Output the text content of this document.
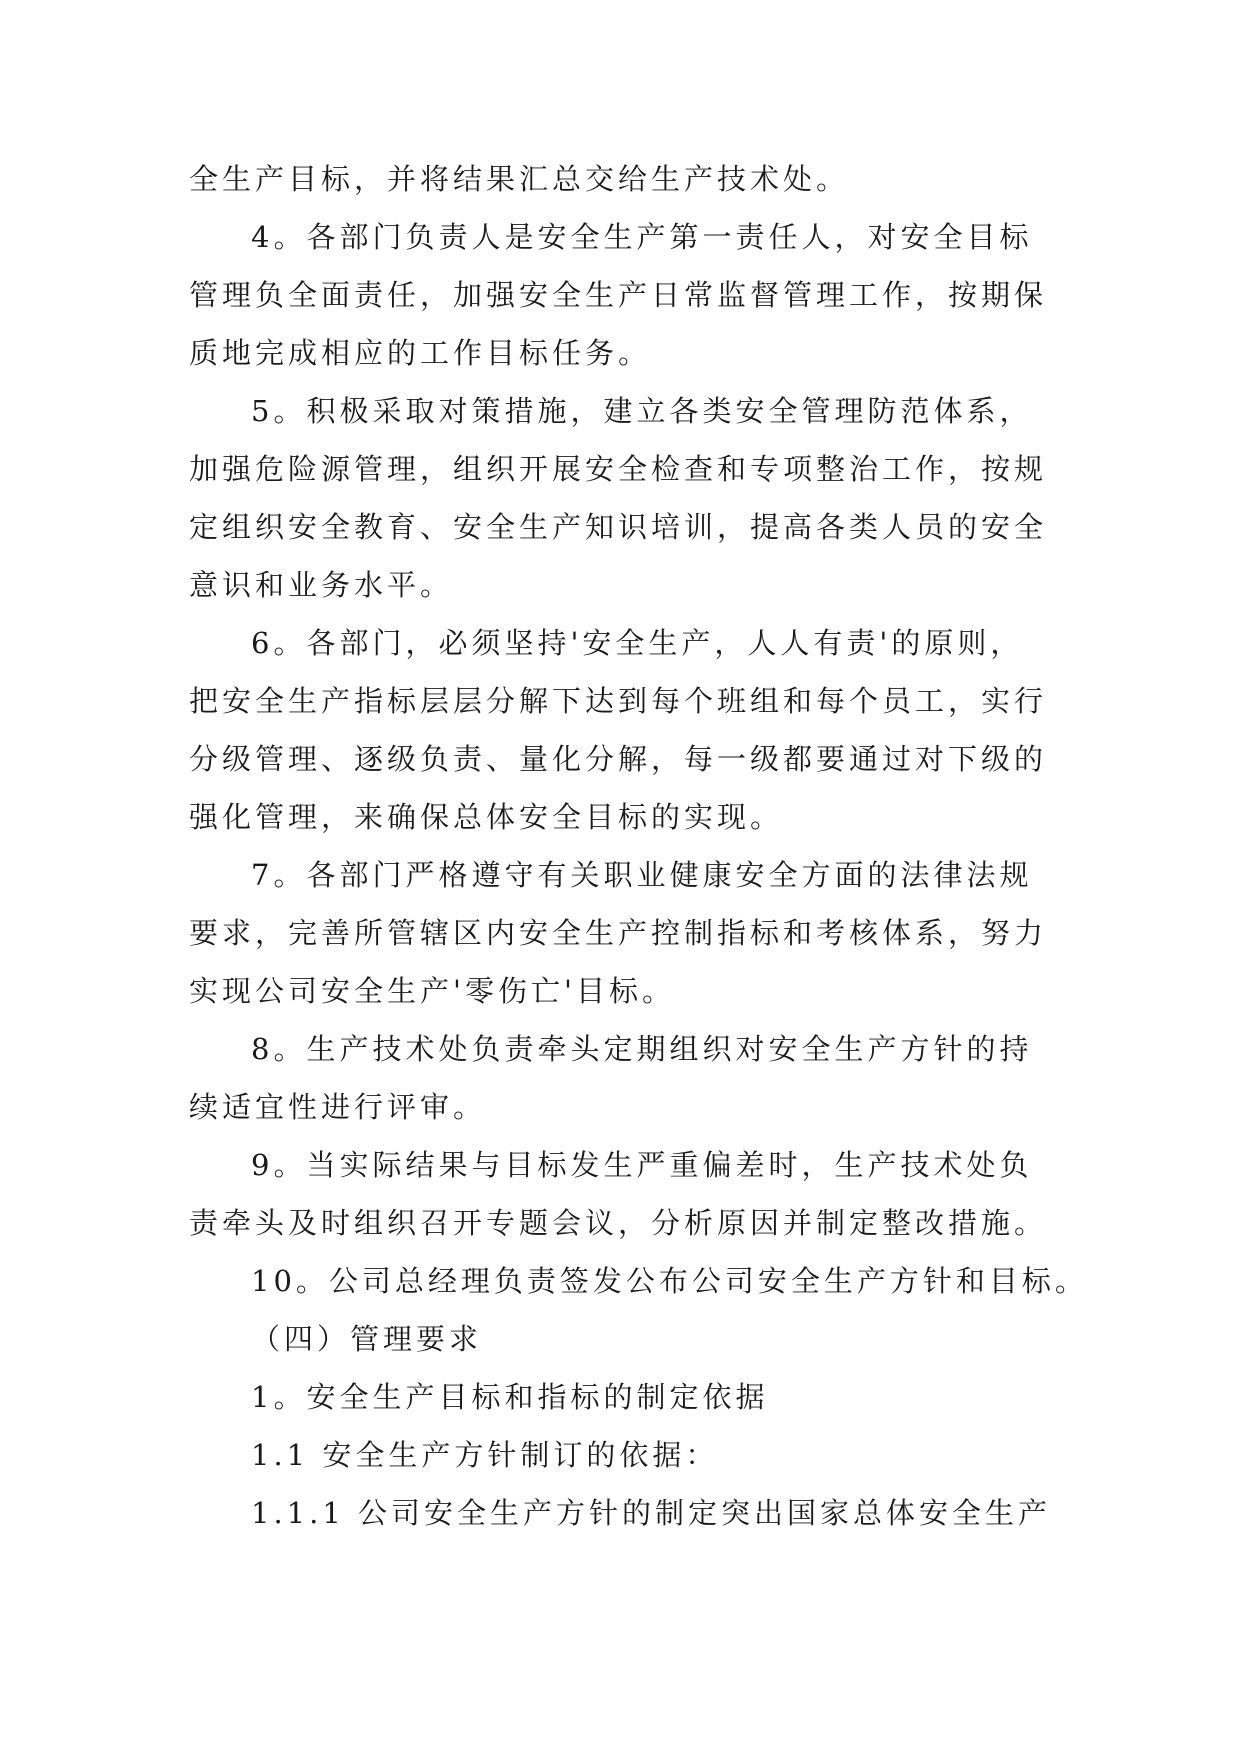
全生产目标，并将结果汇总交给生产技术处。
4。各部门负责人是安全生产第一责任人，对安全目标
管理负全面责任，加强安全生产日常监督管理工作，按期保
质地完成相应的工作目标任务。
5。积极采取对策措施，建立各类安全管理防范体系，
加强危险源管理，组织开展安全检查和专项整治工作，按规
定组织安全教育、安全生产知识培训，提高各类人员的安全
意识和业务水平。
6。各部门，必须坚持'安全生产，人人有责'的原则，
把安全生产指标层层分解下达到每个班组和每个员工，实行
分级管理、逐级负责、量化分解，每一级都要通过对下级的
强化管理，来确保总体安全目标的实现。
7。各部门严格遵守有关职业健康安全方面的法律法规
要求，完善所管辖区内安全生产控制指标和考核体系，努力
实现公司安全生产'零伤亡'目标。
8。生产技术处负责牵头定期组织对安全生产方针的持
续适宜性进行评审。
9。当实际结果与目标发生严重偏差时，生产技术处负
责牵头及时组织召开专题会议，分析原因并制定整改措施。
10。公司总经理负责签发公布公司安全生产方针和目标。
（四）管理要求
1。安全生产目标和指标的制定依据
1.1 安全生产方针制订的依据：
1.1.1 公司安全生产方针的制定突出国家总体安全生产
